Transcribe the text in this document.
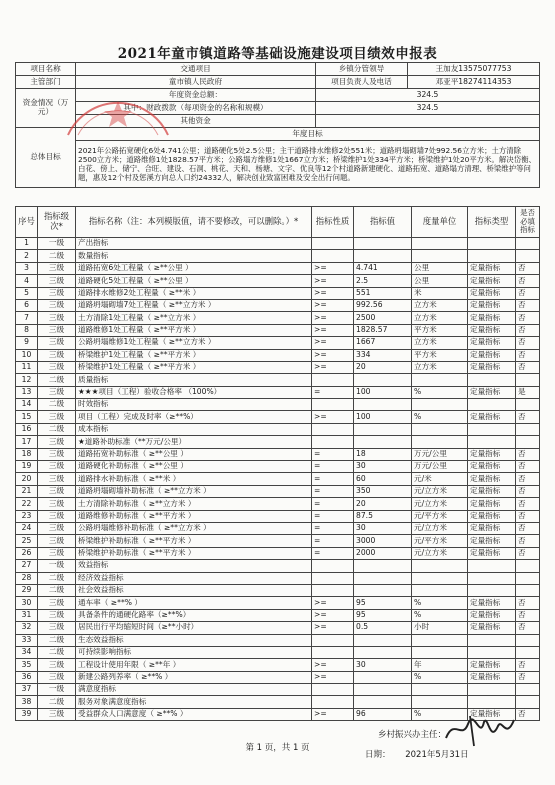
2021年童市镇道路等基础设施建设项目绩效申报表
项目名称	交通项目	乡镇分管领导	王加友13575077753
主管部门	童市镇人民政府	项目负责人及电话	邓亚平18274114353
资金情况（万元）	年度资金总额：	324.5	
	其中：财政拨款（每项资金的名称和规模）	324.5	
	其他资金		
总体目标	年度目标		
	2021年公路拓宽硬化6处4.741公里；道路硬化5处2.5公里；主干道路排水维修2处551米；道路坍塌砌墙7处992.56立方米；土方清除2500立方米；道路维修1处1828.57平方米；公路塌方维修1处1667立方米；桥梁维护1处334平方米；桥梁维护1处20平方米。解决岱衡、白花、傍上、储宁、合旺、建设、石洞、桃花、天和、杨塘、文字、优良等12个村道路新建硬化、道路拓宽、道路塌方清理、桥梁维护等问题，惠及12个村及惩溪方向总人口约24332人，解决创业致富困难及安全出行问题。		
序号	指标级次*	指标名称（注：本列模版值，请不要修改，可以删除。）*	指标性质	指标值	度量单位	指标类型	是否必填指标
1	一级	产出指标					
2	二级	数量指标					
3	三级	道路拓宽6处工程量（ ≥**公里 ）	>=	4.741	公里	定量指标	否
4	三级	道路硬化5处工程量（ ≥**公里 ）	>=	2.5	公里	定量指标	否
5	三级	道路排水维修2处工程量（ ≥**米 ）	>=	551	米	定量指标	否
6	三级	道路坍塌砌墙7处工程量（ ≥**立方米 ）	>=	992.56	立方米	定量指标	否
7	三级	土方清除1处工程量（ ≥**立方米 ）	>=	2500	立方米	定量指标	否
8	三级	道路维修1处工程量（ ≥**平方米 ）	>=	1828.57	平方米	定量指标	否
9	三级	公路坍塌维修1处工程量（ ≥**立方米 ）	>=	1667	立方米	定量指标	否
10	三级	桥梁维护1处工程量（ ≥**平方米 ）	>=	334	平方米	定量指标	否
11	三级	桥梁维护1处工程量（ ≥**平方米 ）	>=	20	立方米	定量指标	否
12	二级	质量指标					
13	三级	★★★项目（工程）验收合格率 （100%）	=	100	%	定量指标	是
14	二级	时效指标					
15	三级	项目（工程）完成及时率（≥**%）	>=	100	%	定量指标	否
16	二级	成本指标					
17	三级	★道路补助标准（**万元/公里）					
18	三级	道路拓宽补助标准（ ≥**公里 ）	=	18	万元/公里	定量指标	否
19	三级	道路硬化补助标准（ ≥**公里 ）	=	30	万元/公里	定量指标	否
20	三级	道路排水补助标准（ ≥**米 ）	=	60	元/米	定量指标	否
21	三级	道路坍塌砌墙补助标准（ ≥**立方米 ）	=	350	元/立方米	定量指标	否
22	三级	土方清除补助标准（ ≥**立方米 ）	=	20	元/立方米	定量指标	否
23	三级	道路维修补助标准（ ≥**平方米 ）	=	87.5	元/平方米	定量指标	否
24	三级	公路坍塌维修补助标准（ ≥**立方米 ）	=	30	元/立方米	定量指标	否
25	三级	桥梁维护补助标准（ ≥**平方米 ）	=	3000	元/平方米	定量指标	否
26	三级	桥梁维护补助标准（ ≥**平方米 ）	=	2000	元/立方米	定量指标	否
27	一级	效益指标					
28	二级	经济效益指标					
29	二级	社会效益指标					
30	三级	通车率（ ≥**% ）	>=	95	%	定量指标	否
31	三级	具备条件的通硬化路率（≥**%）	>=	95	%	定量指标	否
32	三级	居民出行平均缩短时间（≥**小时）	>=	0.5	小时	定量指标	否
33	二级	生态效益指标					
34	二级	可持续影响指标					
35	三级	工程设计使用年限（ ≥**年 ）	>=	30	年	定量指标	否
36	三级	新建公路列养率（ ≥**% ）	>=		%	定量指标	否
37	一级	满意度指标					
38	二级	服务对象满意度指标					
39	三级	受益群众人口满意度（ ≥**% ）	>=	96	%	定量指标	否
乡村振兴办主任：
日期： 2021年5月31日
第 1 页，共 1 页
